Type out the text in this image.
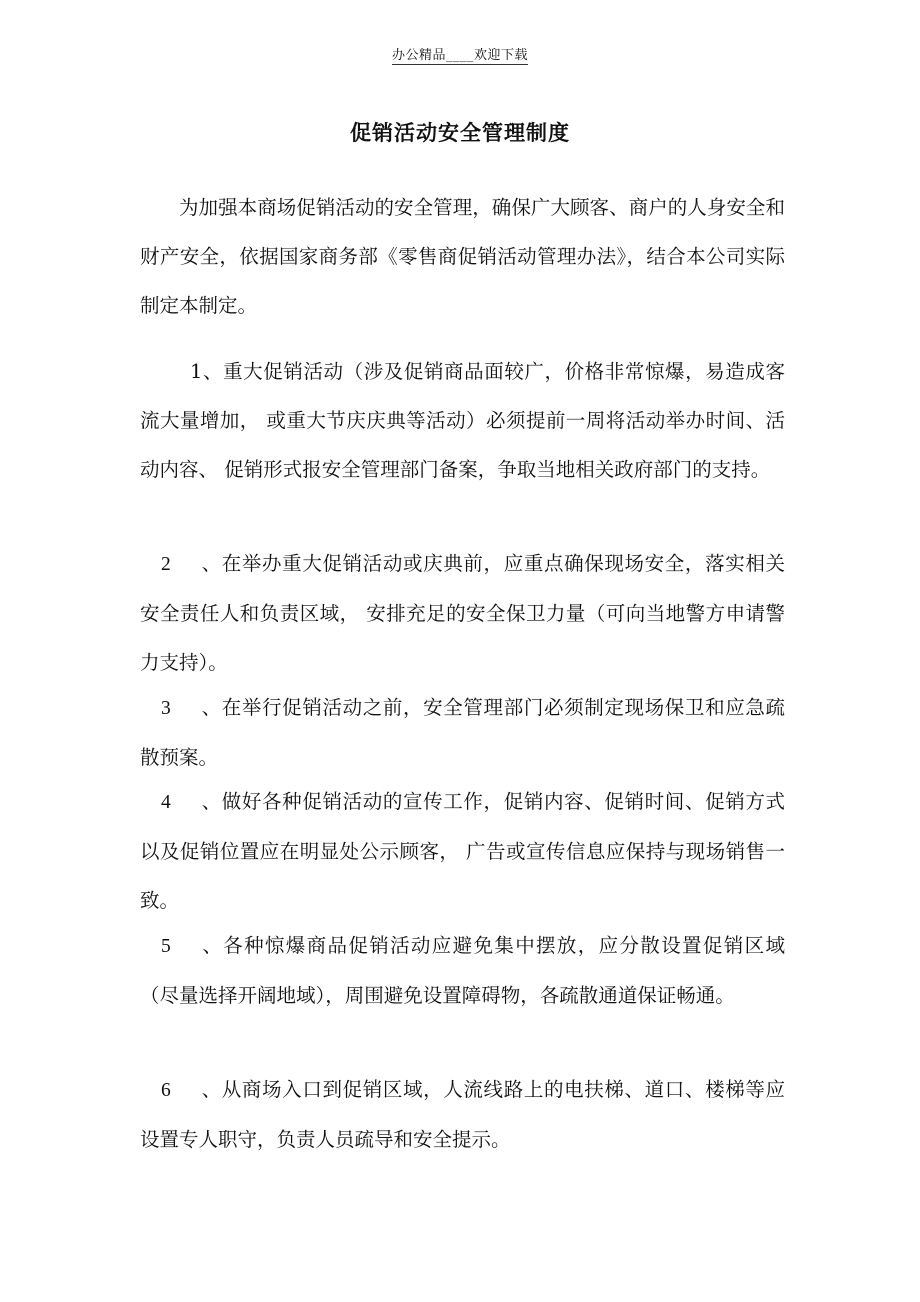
办公精品____欢迎下载
促销活动安全管理制度

为加强本商场促销活动的安全管理，确保广大顾客、商户的人身安全和财产安全，依据国家商务部《零售商促销活动管理办法》，结合本公司实际制定本制定。

1、重大促销活动（涉及促销商品面较广，价格非常惊爆，易造成客流大量增加， 或重大节庆庆典等活动）必须提前一周将活动举办时间、活动内容、 促销形式报安全管理部门备案，争取当地相关政府部门的支持。

2 、在举办重大促销活动或庆典前，应重点确保现场安全，落实相关安全责任人和负责区域， 安排充足的安全保卫力量（可向当地警方申请警力支持）。

3 、在举行促销活动之前，安全管理部门必须制定现场保卫和应急疏散预案。

4 、做好各种促销活动的宣传工作，促销内容、促销时间、促销方式以及促销位置应在明显处公示顾客， 广告或宣传信息应保持与现场销售一致。

5 、各种惊爆商品促销活动应避免集中摆放，应分散设置促销区域（尽量选择开阔地域），周围避免设置障碍物，各疏散通道保证畅通。

6 、从商场入口到促销区域，人流线路上的电扶梯、道口、楼梯等应设置专人职守，负责人员疏导和安全提示。
